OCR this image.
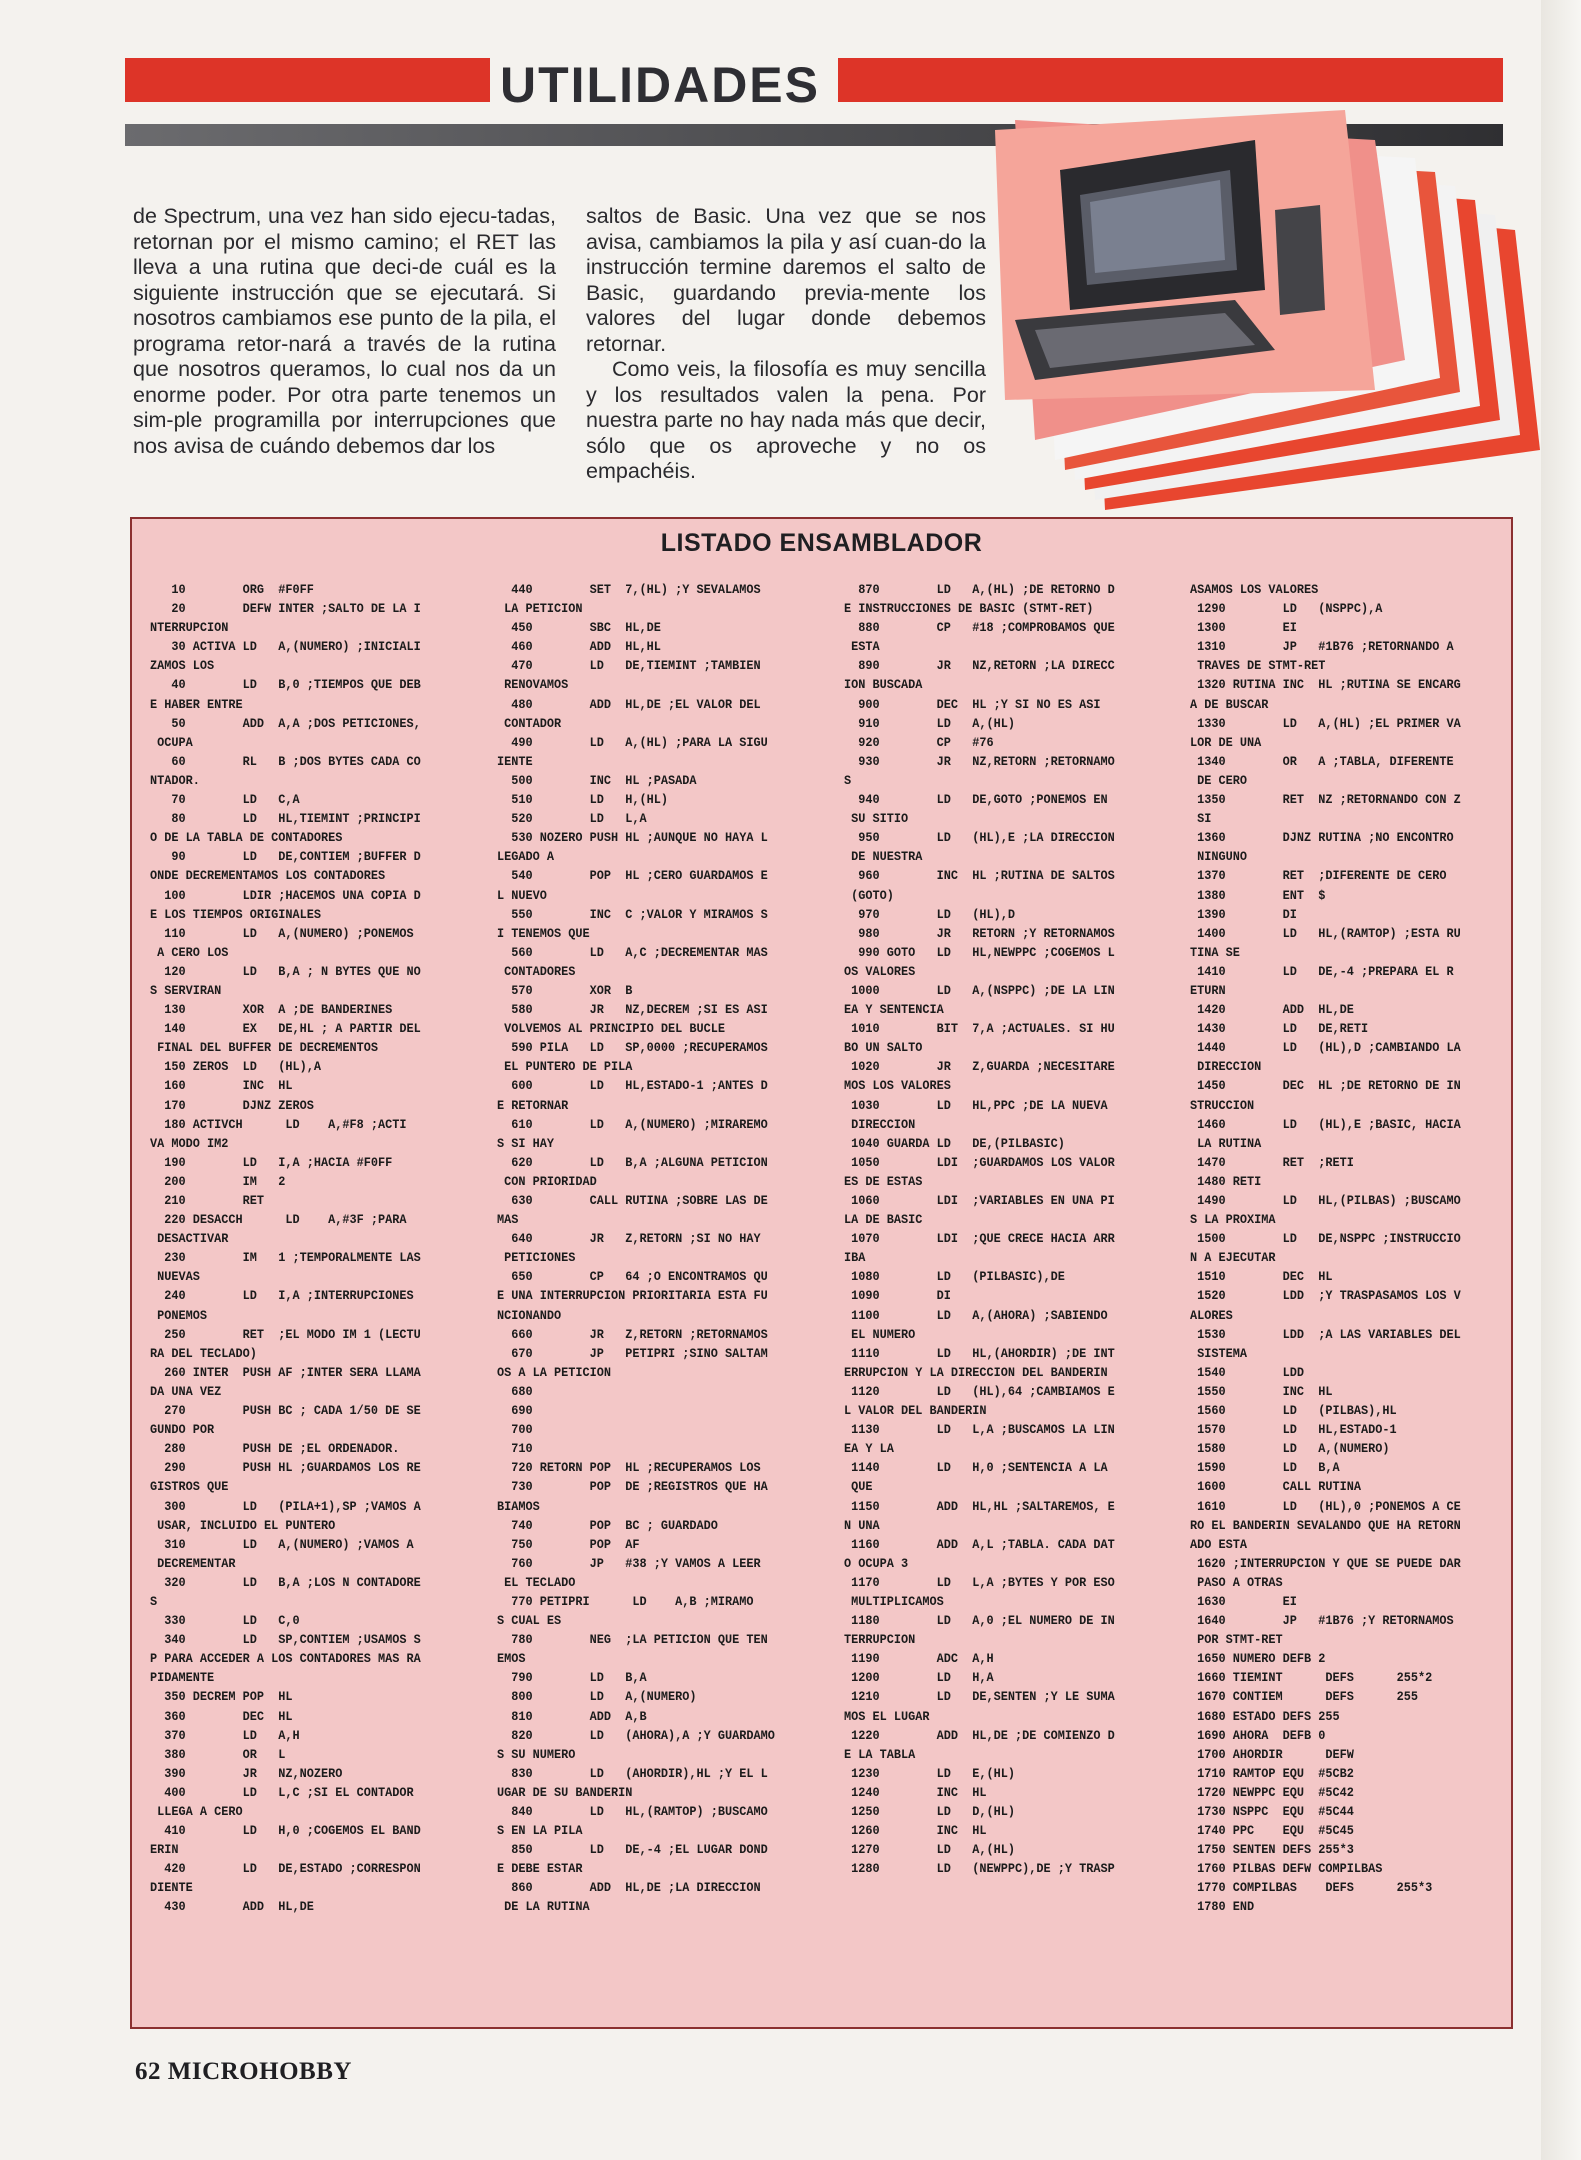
UTILIDADES

de Spectrum, una vez han sido ejecu-tadas, retornan por el mismo camino; el RET las lleva a una rutina que deci-de cuál es la siguiente instrucción que se ejecutará. Si nosotros cambiamos ese punto de la pila, el programa retor-nará a través de la rutina que nosotros queramos, lo cual nos da un enorme poder. Por otra parte tenemos un sim-ple programilla por interrupciones que nos avisa de cuándo debemos dar los

saltos de Basic. Una vez que se nos avisa, cambiamos la pila y así cuan-do la instrucción termine daremos el salto de Basic, guardando previa-mente los valores del lugar donde debemos retornar.

Como veis, la filosofía es muy sencilla y los resultados valen la pena. Por nuestra parte no hay nada más que decir, sólo que os aproveche y no os empachéis.

LISTADO ENSAMBLADOR
10        ORG  #F0FF
20        DEFW INTER ;SALTO DE LA I
NTERRUPCION
30 ACTIVA LD   A,(NUMERO) ;INICIALI
ZAMOS LOS
40        LD   B,0 ;TIEMPOS QUE DEB
E HABER ENTRE
50        ADD  A,A ;DOS PETICIONES,
OCUPA
60        RL   B ;DOS BYTES CADA CO
NTADOR.
70        LD   C,A
80        LD   HL,TIEMINT ;PRINCIPI
O DE LA TABLA DE CONTADORES
90        LD   DE,CONTIEM ;BUFFER D
ONDE DECREMENTAMOS LOS CONTADORES
100        LDIR ;HACEMOS UNA COPIA D
E LOS TIEMPOS ORIGINALES
110        LD   A,(NUMERO) ;PONEMOS
A CERO LOS
120        LD   B,A ; N BYTES QUE NO
S SERVIRAN
130        XOR  A ;DE BANDERINES
140        EX   DE,HL ; A PARTIR DEL
FINAL DEL BUFFER DE DECREMENTOS
150 ZEROS  LD   (HL),A
160        INC  HL
170        DJNZ ZEROS
180 ACTIVCH      LD    A,#F8 ;ACTI
VA MODO IM2
190        LD   I,A ;HACIA #F0FF
200        IM   2
210        RET
220 DESACCH      LD    A,#3F ;PARA
DESACTIVAR
230        IM   1 ;TEMPORALMENTE LAS
NUEVAS
240        LD   I,A ;INTERRUPCIONES
PONEMOS
250        RET  ;EL MODO IM 1 (LECTU
RA DEL TECLADO)
260 INTER  PUSH AF ;INTER SERA LLAMA
DA UNA VEZ
270        PUSH BC ; CADA 1/50 DE SE
GUNDO POR
280        PUSH DE ;EL ORDENADOR.
290        PUSH HL ;GUARDAMOS LOS RE
GISTROS QUE
300        LD   (PILA+1),SP ;VAMOS A
USAR, INCLUIDO EL PUNTERO
310        LD   A,(NUMERO) ;VAMOS A
DECREMENTAR
320        LD   B,A ;LOS N CONTADORE
S
330        LD   C,0
340        LD   SP,CONTIEM ;USAMOS S
P PARA ACCEDER A LOS CONTADORES MAS RA
PIDAMENTE
350 DECREM POP  HL
360        DEC  HL
370        LD   A,H
380        OR   L
390        JR   NZ,NOZERO
400        LD   L,C ;SI EL CONTADOR
LLEGA A CERO
410        LD   H,0 ;COGEMOS EL BAND
ERIN
420        LD   DE,ESTADO ;CORRESPON
DIENTE
430        ADD  HL,DE
440        SET  7,(HL) ;Y SEVALAMOS
LA PETICION
450        SBC  HL,DE
460        ADD  HL,HL
470        LD   DE,TIEMINT ;TAMBIEN
RENOVAMOS
480        ADD  HL,DE ;EL VALOR DEL
CONTADOR
490        LD   A,(HL) ;PARA LA SIGU
IENTE
500        INC  HL ;PASADA
510        LD   H,(HL)
520        LD   L,A
530 NOZERO PUSH HL ;AUNQUE NO HAYA L
LEGADO A
540        POP  HL ;CERO GUARDAMOS E
L NUEVO
550        INC  C ;VALOR Y MIRAMOS S
I TENEMOS QUE
560        LD   A,C ;DECREMENTAR MAS
CONTADORES
570        XOR  B
580        JR   NZ,DECREM ;SI ES ASI
VOLVEMOS AL PRINCIPIO DEL BUCLE
590 PILA   LD   SP,0000 ;RECUPERAMOS
EL PUNTERO DE PILA
600        LD   HL,ESTADO-1 ;ANTES D
E RETORNAR
610        LD   A,(NUMERO) ;MIRAREMO
S SI HAY
620        LD   B,A ;ALGUNA PETICION
CON PRIORIDAD
630        CALL RUTINA ;SOBRE LAS DE
MAS
640        JR   Z,RETORN ;SI NO HAY
PETICIONES
650        CP   64 ;O ENCONTRAMOS QU
E UNA INTERRUPCION PRIORITARIA ESTA FU
NCIONANDO
660        JR   Z,RETORN ;RETORNAMOS
670        JP   PETIPRI ;SINO SALTAM
OS A LA PETICION
680
690
700
710
720 RETORN POP  HL ;RECUPERAMOS LOS
730        POP  DE ;REGISTROS QUE HA
BIAMOS
740        POP  BC ; GUARDADO
750        POP  AF
760        JP   #38 ;Y VAMOS A LEER
EL TECLADO
770 PETIPRI      LD    A,B ;MIRAMO
S CUAL ES
780        NEG  ;LA PETICION QUE TEN
EMOS
790        LD   B,A
800        LD   A,(NUMERO)
810        ADD  A,B
820        LD   (AHORA),A ;Y GUARDAMO
S SU NUMERO
830        LD   (AHORDIR),HL ;Y EL L
UGAR DE SU BANDERIN
840        LD   HL,(RAMTOP) ;BUSCAMO
S EN LA PILA
850        LD   DE,-4 ;EL LUGAR DOND
E DEBE ESTAR
860        ADD  HL,DE ;LA DIRECCION
DE LA RUTINA
870        LD   A,(HL) ;DE RETORNO D
E INSTRUCCIONES DE BASIC (STMT-RET)
880        CP   #18 ;COMPROBAMOS QUE
ESTA
890        JR   NZ,RETORN ;LA DIRECC
ION BUSCADA
900        DEC  HL ;Y SI NO ES ASI
910        LD   A,(HL)
920        CP   #76
930        JR   NZ,RETORN ;RETORNAMO
S
940        LD   DE,GOTO ;PONEMOS EN
SU SITIO
950        LD   (HL),E ;LA DIRECCION
DE NUESTRA
960        INC  HL ;RUTINA DE SALTOS
(GOTO)
970        LD   (HL),D
980        JR   RETORN ;Y RETORNAMOS
990 GOTO   LD   HL,NEWPPC ;COGEMOS L
OS VALORES
1000        LD   A,(NSPPC) ;DE LA LIN
EA Y SENTENCIA
1010        BIT  7,A ;ACTUALES. SI HU
BO UN SALTO
1020        JR   Z,GUARDA ;NECESITARE
MOS LOS VALORES
1030        LD   HL,PPC ;DE LA NUEVA
DIRECCION
1040 GUARDA LD   DE,(PILBASIC)
1050        LDI  ;GUARDAMOS LOS VALOR
ES DE ESTAS
1060        LDI  ;VARIABLES EN UNA PI
LA DE BASIC
1070        LDI  ;QUE CRECE HACIA ARR
IBA
1080        LD   (PILBASIC),DE
1090        DI
1100        LD   A,(AHORA) ;SABIENDO
EL NUMERO
1110        LD   HL,(AHORDIR) ;DE INT
ERRUPCION Y LA DIRECCION DEL BANDERIN
1120        LD   (HL),64 ;CAMBIAMOS E
L VALOR DEL BANDERIN
1130        LD   L,A ;BUSCAMOS LA LIN
EA Y LA
1140        LD   H,0 ;SENTENCIA A LA
QUE
1150        ADD  HL,HL ;SALTAREMOS, E
N UNA
1160        ADD  A,L ;TABLA. CADA DAT
O OCUPA 3
1170        LD   L,A ;BYTES Y POR ESO
MULTIPLICAMOS
1180        LD   A,0 ;EL NUMERO DE IN
TERRUPCION
1190        ADC  A,H
1200        LD   H,A
1210        LD   DE,SENTEN ;Y LE SUMA
MOS EL LUGAR
1220        ADD  HL,DE ;DE COMIENZO D
E LA TABLA
1230        LD   E,(HL)
1240        INC  HL
1250        LD   D,(HL)
1260        INC  HL
1270        LD   A,(HL)
1280        LD   (NEWPPC),DE ;Y TRASP
ASAMOS LOS VALORES
1290        LD   (NSPPC),A
1300        EI
1310        JP   #1B76 ;RETORNANDO A
TRAVES DE STMT-RET
1320 RUTINA INC  HL ;RUTINA SE ENCARG
A DE BUSCAR
1330        LD   A,(HL) ;EL PRIMER VA
LOR DE UNA
1340        OR   A ;TABLA, DIFERENTE
DE CERO
1350        RET  NZ ;RETORNANDO CON Z
SI
1360        DJNZ RUTINA ;NO ENCONTRO
NINGUNO
1370        RET  ;DIFERENTE DE CERO
1380        ENT  $
1390        DI
1400        LD   HL,(RAMTOP) ;ESTA RU
TINA SE
1410        LD   DE,-4 ;PREPARA EL R
ETURN
1420        ADD  HL,DE
1430        LD   DE,RETI
1440        LD   (HL),D ;CAMBIANDO LA
DIRECCION
1450        DEC  HL ;DE RETORNO DE IN
STRUCCION
1460        LD   (HL),E ;BASIC, HACIA
LA RUTINA
1470        RET  ;RETI
1480 RETI
1490        LD   HL,(PILBAS) ;BUSCAMO
S LA PROXIMA
1500        LD   DE,NSPPC ;INSTRUCCIO
N A EJECUTAR
1510        DEC  HL
1520        LDD  ;Y TRASPASAMOS LOS V
ALORES
1530        LDD  ;A LAS VARIABLES DEL
SISTEMA
1540        LDD
1550        INC  HL
1560        LD   (PILBAS),HL
1570        LD   HL,ESTADO-1
1580        LD   A,(NUMERO)
1590        LD   B,A
1600        CALL RUTINA
1610        LD   (HL),0 ;PONEMOS A CE
RO EL BANDERIN SEVALANDO QUE HA RETORN
ADO ESTA
1620 ;INTERRUPCION Y QUE SE PUEDE DAR
PASO A OTRAS
1630        EI
1640        JP   #1B76 ;Y RETORNAMOS
POR STMT-RET
1650 NUMERO DEFB 2
1660 TIEMINT      DEFS      255*2
1670 CONTIEM      DEFS      255
1680 ESTADO DEFS 255
1690 AHORA  DEFB 0
1700 AHORDIR      DEFW
1710 RAMTOP EQU  #5CB2
1720 NEWPPC EQU  #5C42
1730 NSPPC  EQU  #5C44
1740 PPC    EQU  #5C45
1750 SENTEN DEFS 255*3
1760 PILBAS DEFW COMPILBAS
1770 COMPILBAS    DEFS      255*3
1780 END
62 MICROHOBBY
